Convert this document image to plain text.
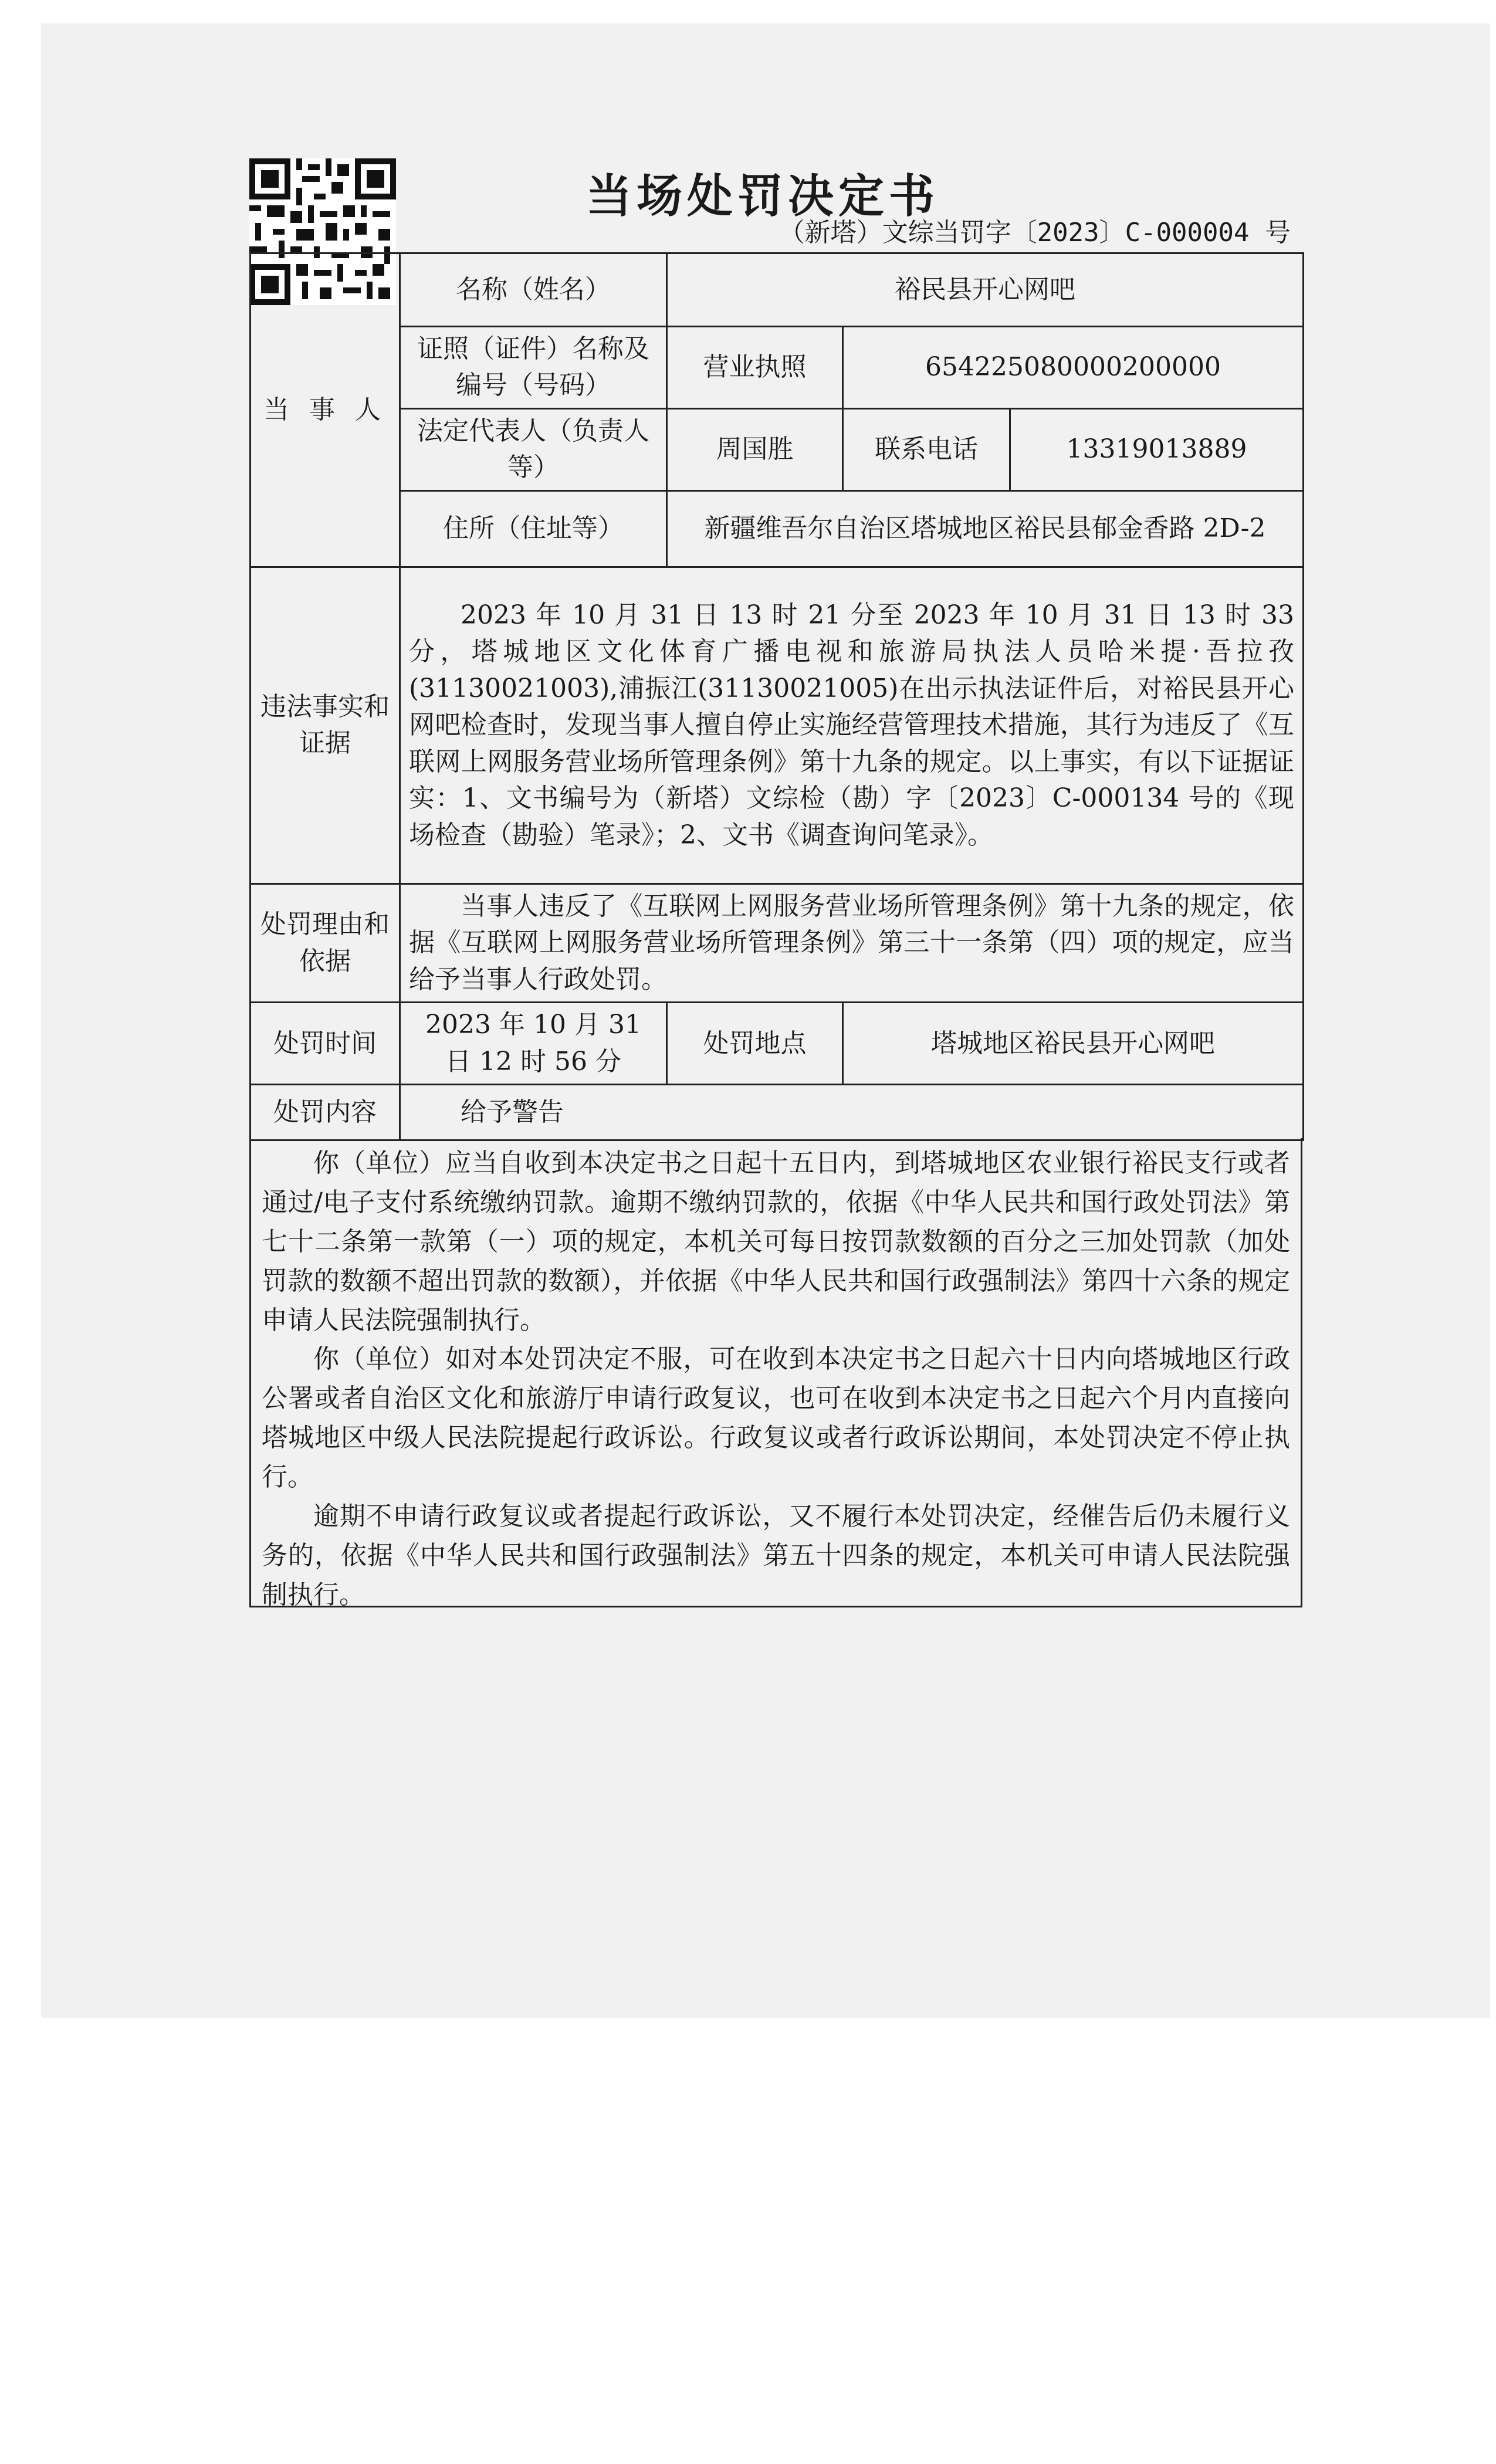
当场处罚决定书
（新塔）文综当罚字〔2023〕C-000004 号
当 事 人	名称（姓名）	裕民县开心网吧		
	证照（证件）名称及编号（号码）	营业执照	654225080000200000	
	法定代表人（负责人等）	周国胜	联系电话	13319013889
	住所（住址等）	新疆维吾尔自治区塔城地区裕民县郁金香路 2D-2		
违法事实和证据	2023 年 10 月 31 日 13 时 21 分至 2023 年 10 月 31 日 13 时 33 分，塔城地区文化体育广播电视和旅游局执法人员哈米提·吾拉孜(31130021003),浦振江(31130021005)在出示执法证件后，对裕民县开心网吧检查时，发现当事人擅自停止实施经营管理技术措施，其行为违反了《互联网上网服务营业场所管理条例》第十九条的规定。以上事实，有以下证据证实：1、文书编号为（新塔）文综检（勘）字〔2023〕C-000134 号的《现场检查（勘验）笔录》；2、文书《调查询问笔录》。			
处罚理由和依据	当事人违反了《互联网上网服务营业场所管理条例》第十九条的规定，依据《互联网上网服务营业场所管理条例》第三十一条第（四）项的规定，应当给予当事人行政处罚。			
处罚时间	2023 年 10 月 31 日 12 时 56 分	处罚地点	塔城地区裕民县开心网吧	
处罚内容	给予警告			

你（单位）应当自收到本决定书之日起十五日内，到塔城地区农业银行裕民支行或者通过/电子支付系统缴纳罚款。逾期不缴纳罚款的，依据《中华人民共和国行政处罚法》第七十二条第一款第（一）项的规定，本机关可每日按罚款数额的百分之三加处罚款（加处罚款的数额不超出罚款的数额），并依据《中华人民共和国行政强制法》第四十六条的规定申请人民法院强制执行。

你（单位）如对本处罚决定不服，可在收到本决定书之日起六十日内向塔城地区行政公署或者自治区文化和旅游厅申请行政复议，也可在收到本决定书之日起六个月内直接向塔城地区中级人民法院提起行政诉讼。行政复议或者行政诉讼期间，本处罚决定不停止执行。

逾期不申请行政复议或者提起行政诉讼，又不履行本处罚决定，经催告后仍未履行义务的，依据《中华人民共和国行政强制法》第五十四条的规定，本机关可申请人民法院强制执行。
